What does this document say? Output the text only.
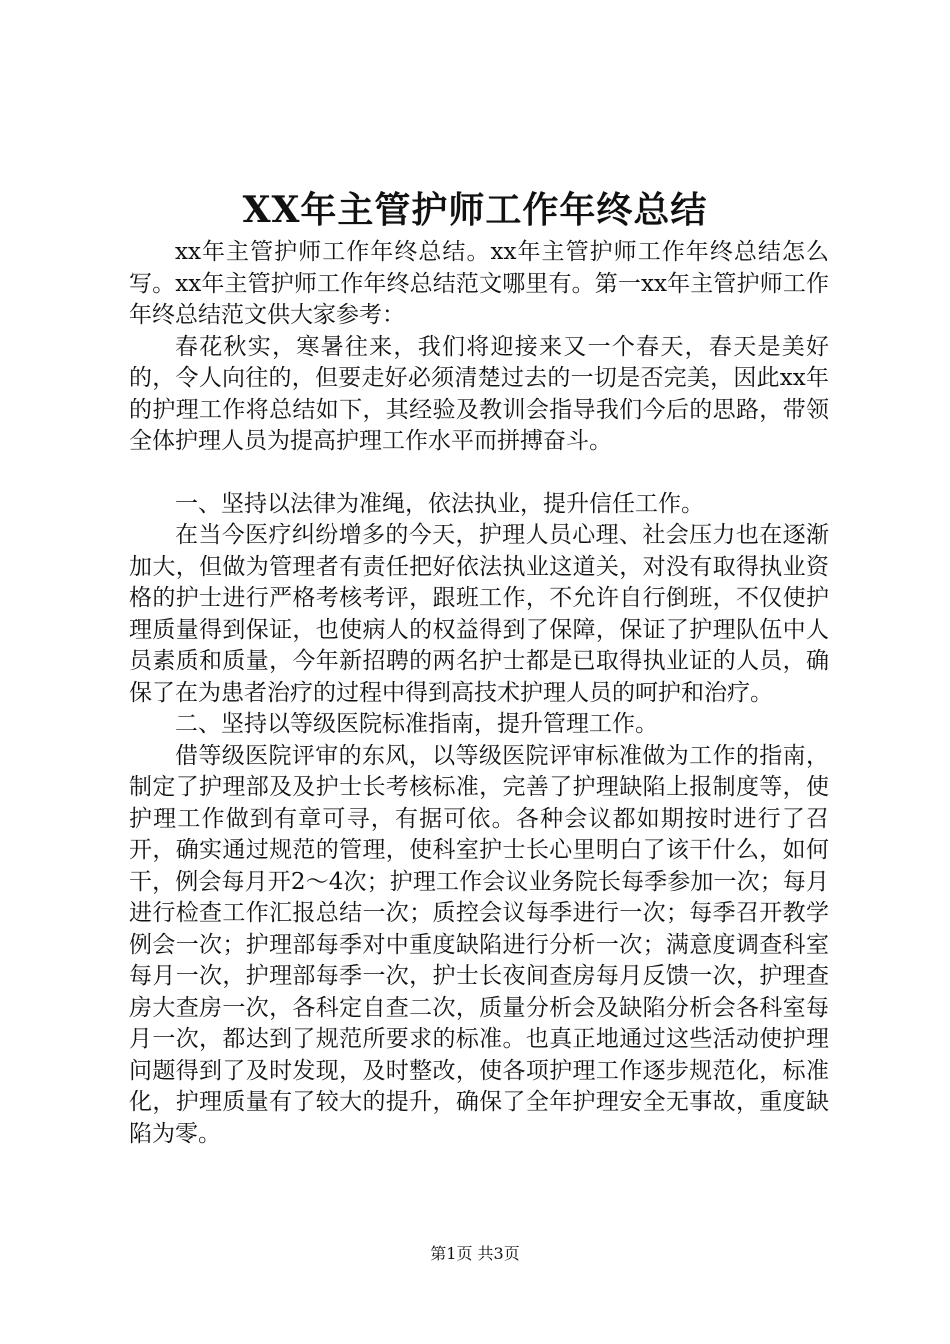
XX年主管护师工作年终总结

xx年主管护师工作年终总结。xx年主管护师工作年终总结怎么写。xx年主管护师工作年终总结范文哪里有。第一xx年主管护师工作年终总结范文供大家参考：

春花秋实，寒暑往来，我们将迎接来又一个春天，春天是美好的，令人向往的，但要走好必须清楚过去的一切是否完美，因此xx年的护理工作将总结如下，其经验及教训会指导我们今后的思路，带领全体护理人员为提高护理工作水平而拼搏奋斗。

一、坚持以法律为准绳，依法执业，提升信任工作。

在当今医疗纠纷增多的今天，护理人员心理、社会压力也在逐渐加大，但做为管理者有责任把好依法执业这道关，对没有取得执业资格的护士进行严格考核考评，跟班工作，不允许自行倒班，不仅使护理质量得到保证，也使病人的权益得到了保障，保证了护理队伍中人员素质和质量，今年新招聘的两名护士都是已取得执业证的人员，确保了在为患者治疗的过程中得到高技术护理人员的呵护和治疗。

二、坚持以等级医院标准指南，提升管理工作。

借等级医院评审的东风，以等级医院评审标准做为工作的指南，制定了护理部及及护士长考核标准，完善了护理缺陷上报制度等，使护理工作做到有章可寻，有据可依。各种会议都如期按时进行了召开，确实通过规范的管理，使科室护士长心里明白了该干什么，如何干，例会每月开2～4次；护理工作会议业务院长每季参加一次；每月进行检查工作汇报总结一次；质控会议每季进行一次；每季召开教学例会一次；护理部每季对中重度缺陷进行分析一次；满意度调查科室每月一次，护理部每季一次，护士长夜间查房每月反馈一次，护理查房大查房一次，各科定自查二次，质量分析会及缺陷分析会各科室每月一次，都达到了规范所要求的标准。也真正地通过这些活动使护理问题得到了及时发现，及时整改，使各项护理工作逐步规范化，标准化，护理质量有了较大的提升，确保了全年护理安全无事故，重度缺陷为零。

第1页 共3页
